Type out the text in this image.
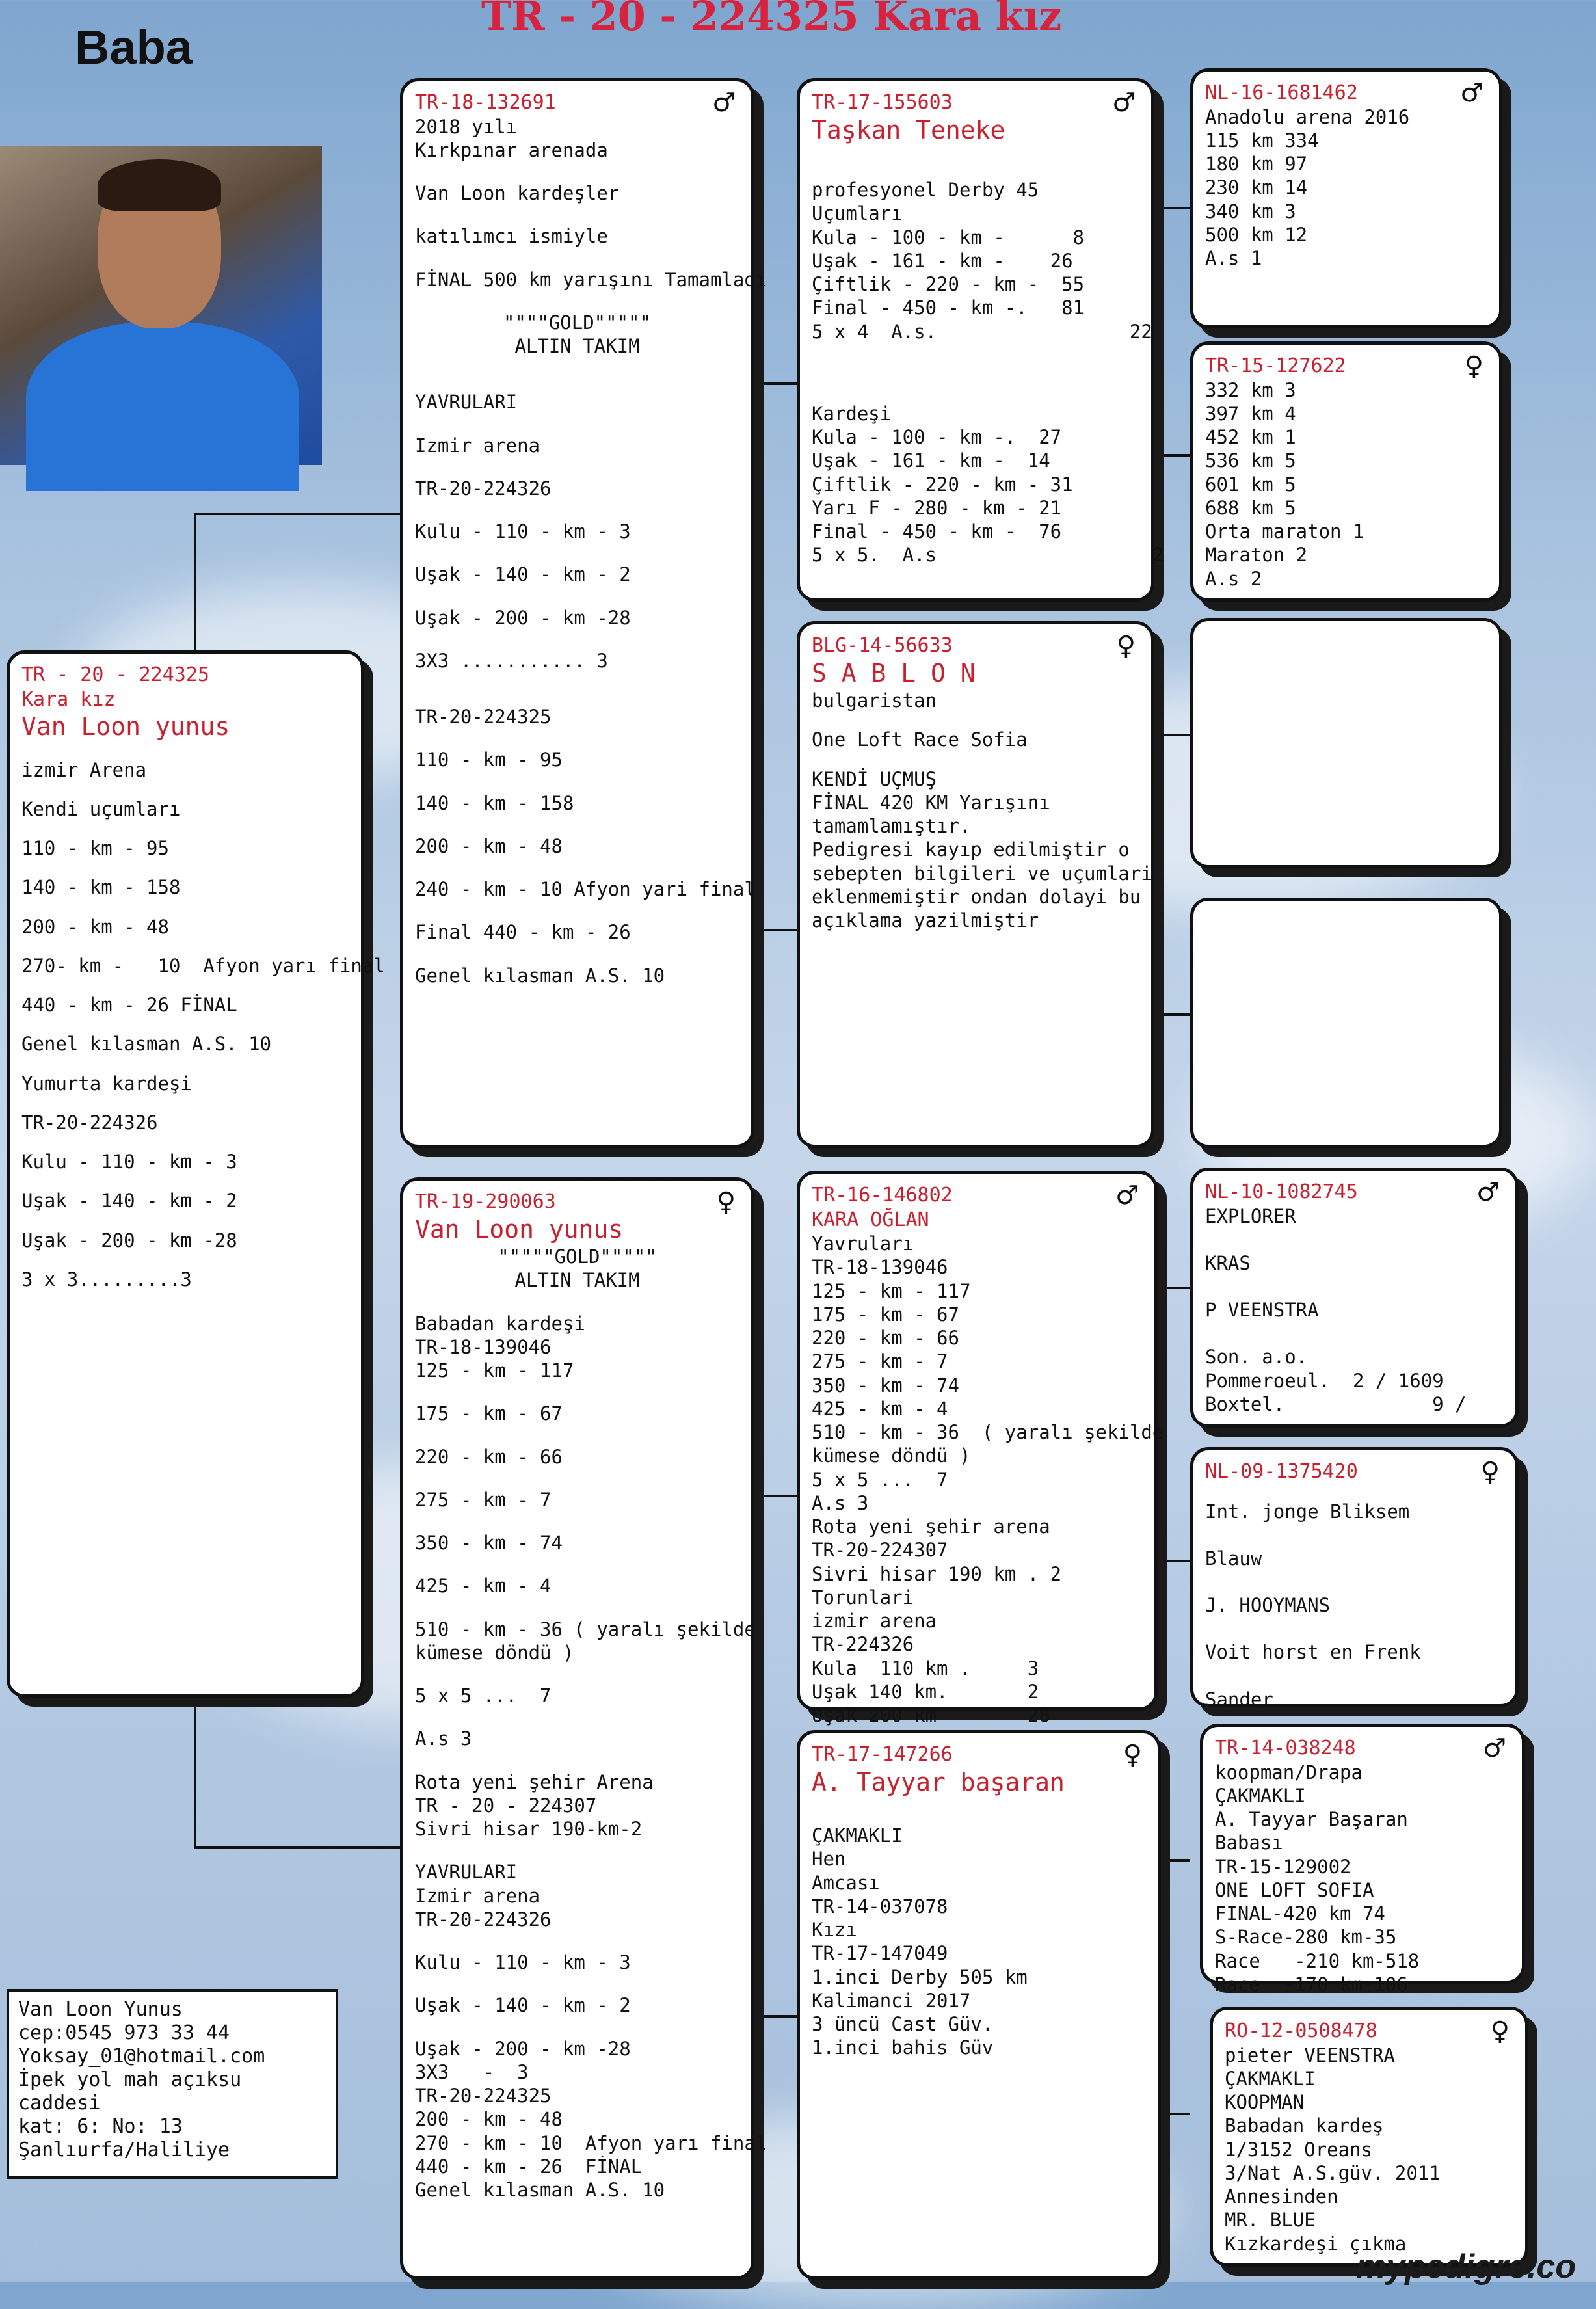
TR - 20 - 224325 Kara kız
Baba
TR - 20 - 224325
Kara kız
Van Loon yunus
izmir Arena
Kendi uçumları
110 - km - 95
140 - km - 158
200 - km - 48
270- km -   10  Afyon yarı final
440 - km - 26 FİNAL
Genel kılasman A.S. 10
Yumurta kardeşi
TR-20-224326
Kulu - 110 - km - 3
Uşak - 140 - km - 2
Uşak - 200 - km -28
3 x 3.........3
TR-18-132691	♂
2018 yılı
Kırkpınar arenada
Van Loon kardeşler
katılımcı ismiyle
FİNAL 500 km yarışını Tamamladı
""""GOLD"""""
ALTIN TAKIM
YAVRULARI
Izmir arena
TR-20-224326
Kulu - 110 - km - 3
Uşak - 140 - km - 2
Uşak - 200 - km -28
3X3 ........... 3
TR-20-224325
110 - km - 95
140 - km - 158
200 - km - 48
240 - km - 10 Afyon yari final
Final 440 - km - 26
Genel kılasman A.S. 10
TR-19-290063	♀
Van Loon yunus
"""""GOLD"""""
ALTIN TAKIM
Babadan kardeşi
TR-18-139046
125 - km - 117
175 - km - 67
220 - km - 66
275 - km - 7
350 - km - 74
425 - km - 4
510 - km - 36 ( yaralı şekilde
kümese döndü )
5 x 5 ...  7
A.s 3
Rota yeni şehir Arena
TR - 20 - 224307
Sivri hisar 190-km-2
YAVRULARI
Izmir arena
TR-20-224326
Kulu - 110 - km - 3
Uşak - 140 - km - 2
Uşak - 200 - km -28
3X3   -  3
TR-20-224325
200 - km - 48
270 - km - 10  Afyon yarı final
440 - km - 26  FİNAL
Genel kılasman A.S. 10
TR-17-155603	♂
Taşkan Teneke
profesyonel Derby 45
Uçumları
Kula - 100 - km -      8
Uşak - 161 - km -    26
Çiftlik - 220 - km -  55
Final - 450 - km -.   81
5 x 4  A.s.                 22
Kardeşi
Kula - 100 - km -.  27
Uşak - 161 - km -  14
Çiftlik - 220 - km - 31
Yarı F - 280 - km - 21
Final - 450 - km -  76
5 x 5.  A.s                   2
BLG-14-56633	♀
S A B L O N
bulgaristan
One Loft Race Sofia
KENDİ UÇMUŞ
FİNAL 420 KM Yarışını
tamamlamıştır.
Pedigresi kayıp edilmiştir o
sebepten bilgileri ve uçumlari
eklenmemiştir ondan dolayi bu
açıklama yazilmiştir
TR-16-146802	♂
KARA OĞLAN
Yavruları
TR-18-139046
125 - km - 117
175 - km - 67
220 - km - 66
275 - km - 7
350 - km - 74
425 - km - 4
510 - km - 36  ( yaralı şekilde
kümese döndü )
5 x 5 ...  7
A.s 3
Rota yeni şehir arena
TR-20-224307
Sivri hisar 190 km . 2
Torunlari
izmir arena
TR-224326
Kula  110 km .     3
Uşak 140 km.       2
Uşak 200 km        28
TR-17-147266	♀
A. Tayyar başaran
ÇAKMAKLI
Hen
Amcası
TR-14-037078
Kızı
TR-17-147049
1.inci Derby 505 km
Kalimanci 2017
3 üncü Cast Güv.
1.inci bahis Güv
NL-16-1681462	♂
Anadolu arena 2016
115 km 334
180 km 97
230 km 14
340 km 3
500 km 12
A.s 1
TR-15-127622	♀
332 km 3
397 km 4
452 km 1
536 km 5
601 km 5
688 km 5
Orta maraton 1
Maraton 2
A.s 2
NL-10-1082745	♂
EXPLORER
KRAS
P VEENSTRA
Son. a.o.
Pommeroeul.  2 / 1609
Boxtel.             9 /
NL-09-1375420	♀
Int. jonge Bliksem
Blauw
J. HOOYMANS
Voit horst en Frenk
Sander
TR-14-038248	♂
koopman/Drapa
ÇAKMAKLI
A. Tayyar Başaran
Babası
TR-15-129002
ONE LOFT SOFIA
FINAL-420 km 74
S-Race-280 km-35
Race   -210 km-518
Race  -170 km-106
RO-12-0508478	♀
pieter VEENSTRA
ÇAKMAKLI
KOOPMAN
Babadan kardeş
1/3152 Oreans
3/Nat A.S.güv. 2011
Annesinden
MR. BLUE
Kızkardeşi çıkma
Van Loon Yunus
cep:0545 973 33 44
Yoksay_01@hotmail.com
İpek yol mah açıksu
caddesi
kat: 6: No: 13
Şanlıurfa/Haliliye
mypedigre.co
